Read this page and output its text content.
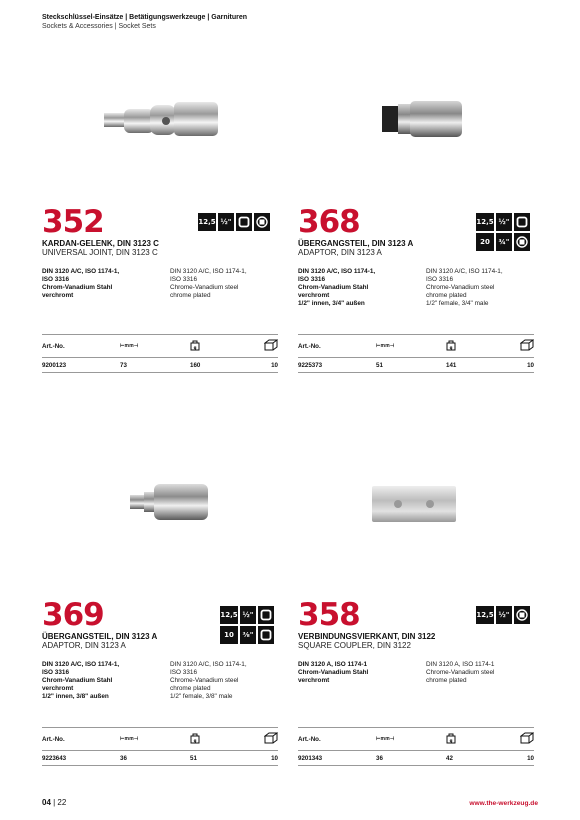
Steckschlüssel-Einsätze | Betätigungswerkzeuge | Garnituren
Sockets & Accessories | Socket Sets
352
KARDAN-GELENK, DIN 3123 C
UNIVERSAL JOINT, DIN 3123 C
DIN 3120 A/C, ISO 1174-1,
ISO 3316
Chrom-Vanadium Stahl
verchromt
DIN 3120 A/C, ISO 1174-1,
ISO 3316
Chrome-Vanadium steel
chrome plated
Art.-No.	⊢mm⊣	g
9200123	73	160	10
12,5 ½" 368
ÜBERGANGSTEIL, DIN 3123 A
ADAPTOR, DIN 3123 A
DIN 3120 A/C, ISO 1174-1,
ISO 3316
Chrom-Vanadium Stahl
verchromt
1/2" innen, 3/4" außen
DIN 3120 A/C, ISO 1174-1,
ISO 3316
Chrome-Vanadium steel
chrome plated
1/2" female, 3/4" male
Art.-No.	⊢mm⊣	g
9225373	51	141	10
12,5 ½"
20	¾"
369
ÜBERGANGSTEIL, DIN 3123 A
ADAPTOR, DIN 3123 A
DIN 3120 A/C, ISO 1174-1,
ISO 3316
Chrom-Vanadium Stahl
verchromt
1/2" innen, 3/8" außen
DIN 3120 A/C, ISO 1174-1,
ISO 3316
Chrome-Vanadium steel
chrome plated
1/2" female, 3/8" male
Art.-No.	⊢mm⊣	g
9223643	36	51	10
12,5 ½"
10	⅜"
358
VERBINDUNGSVIERKANT, DIN 3122
SQUARE COUPLER, DIN 3122
DIN 3120 A, ISO 1174-1
Chrom-Vanadium Stahl
verchromt
DIN 3120 A, ISO 1174-1
Chrome-Vanadium steel
chrome plated
Art.-No.	⊢mm⊣	g
9201343	36	42	10
12,5 ½"
04 | 22	www.the-werkzeug.de
